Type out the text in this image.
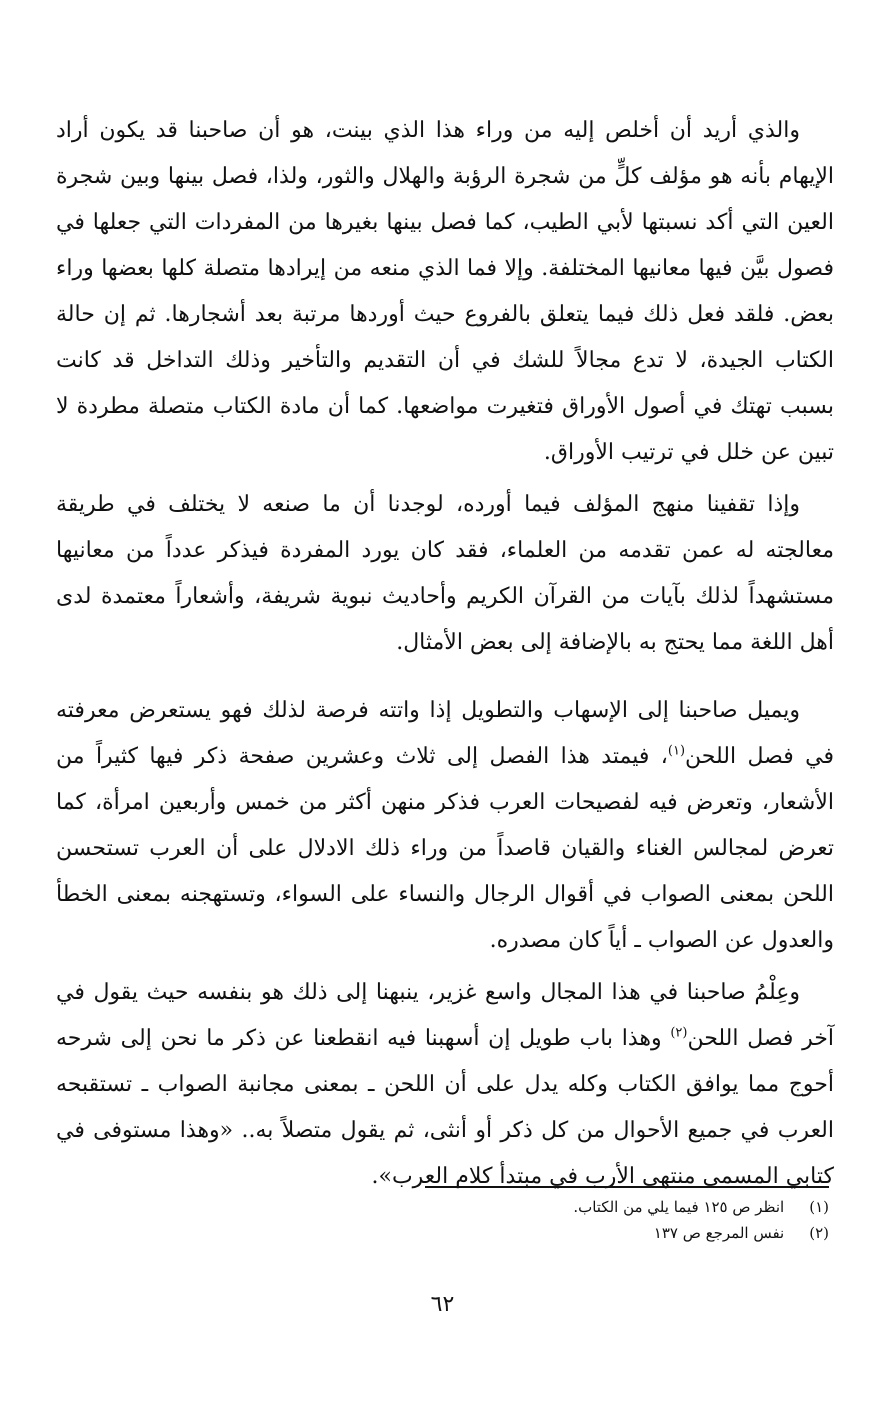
والذي أريد أن أخلص إليه من وراء هذا الذي بينت، هو أن صاحبنا قد يكون أراد الإيهام بأنه هو مؤلف كلٍّ من شجرة الرؤبة والهلال والثور، ولذا، فصل بينها وبين شجرة العين التي أكد نسبتها لأبي الطيب، كما فصل بينها بغيرها من المفردات التي جعلها في فصول بيَّن فيها معانيها المختلفة. وإلا فما الذي منعه من إيرادها متصلة كلها بعضها وراء بعض. فلقد فعل ذلك فيما يتعلق بالفروع حيث أوردها مرتبة بعد أشجارها. ثم إن حالة الكتاب الجيدة، لا تدع مجالاً للشك في أن التقديم والتأخير وذلك التداخل قد كانت بسبب تهتك في أصول الأوراق فتغيرت مواضعها. كما أن مادة الكتاب متصلة مطردة لا تبين عن خلل في ترتيب الأوراق.

وإذا تقفينا منهج المؤلف فيما أورده، لوجدنا أن ما صنعه لا يختلف في طريقة معالجته له عمن تقدمه من العلماء، فقد كان يورد المفردة فيذكر عدداً من معانيها مستشهداً لذلك بآيات من القرآن الكريم وأحاديث نبوية شريفة، وأشعاراً معتمدة لدى أهل اللغة مما يحتج به بالإضافة إلى بعض الأمثال.

ويميل صاحبنا إلى الإسهاب والتطويل إذا واتته فرصة لذلك فهو يستعرض معرفته في فصل اللحن$^{(١)}$، فيمتد هذا الفصل إلى ثلاث وعشرين صفحة ذكر فيها كثيراً من الأشعار، وتعرض فيه لفصيحات العرب فذكر منهن أكثر من خمس وأربعين امرأة، كما تعرض لمجالس الغناء والقيان قاصداً من وراء ذلك الادلال على أن العرب تستحسن اللحن بمعنى الصواب في أقوال الرجال والنساء على السواء، وتستهجنه بمعنى الخطأ والعدول عن الصواب ـ أياً كان مصدره.

وعِلْمُ صاحبنا في هذا المجال واسع غزير، ينبهنا إلى ذلك هو بنفسه حيث يقول في آخر فصل اللحن$^{(٢)}$ وهذا باب طويل إن أسهبنا فيه انقطعنا عن ذكر ما نحن إلى شرحه أحوج مما يوافق الكتاب وكله يدل على أن اللحن ـ بمعنى مجانبة الصواب ـ تستقبحه العرب في جميع الأحوال من كل ذكر أو أنثى، ثم يقول متصلاً به.. «وهذا مستوفى في كتابي المسمى منتهى الأرب في مبتدأ كلام العرب».

(١) انظر ص ١٢٥ فيما يلي من الكتاب.
(٢) نفس المرجع ص ١٣٧
٦٢
